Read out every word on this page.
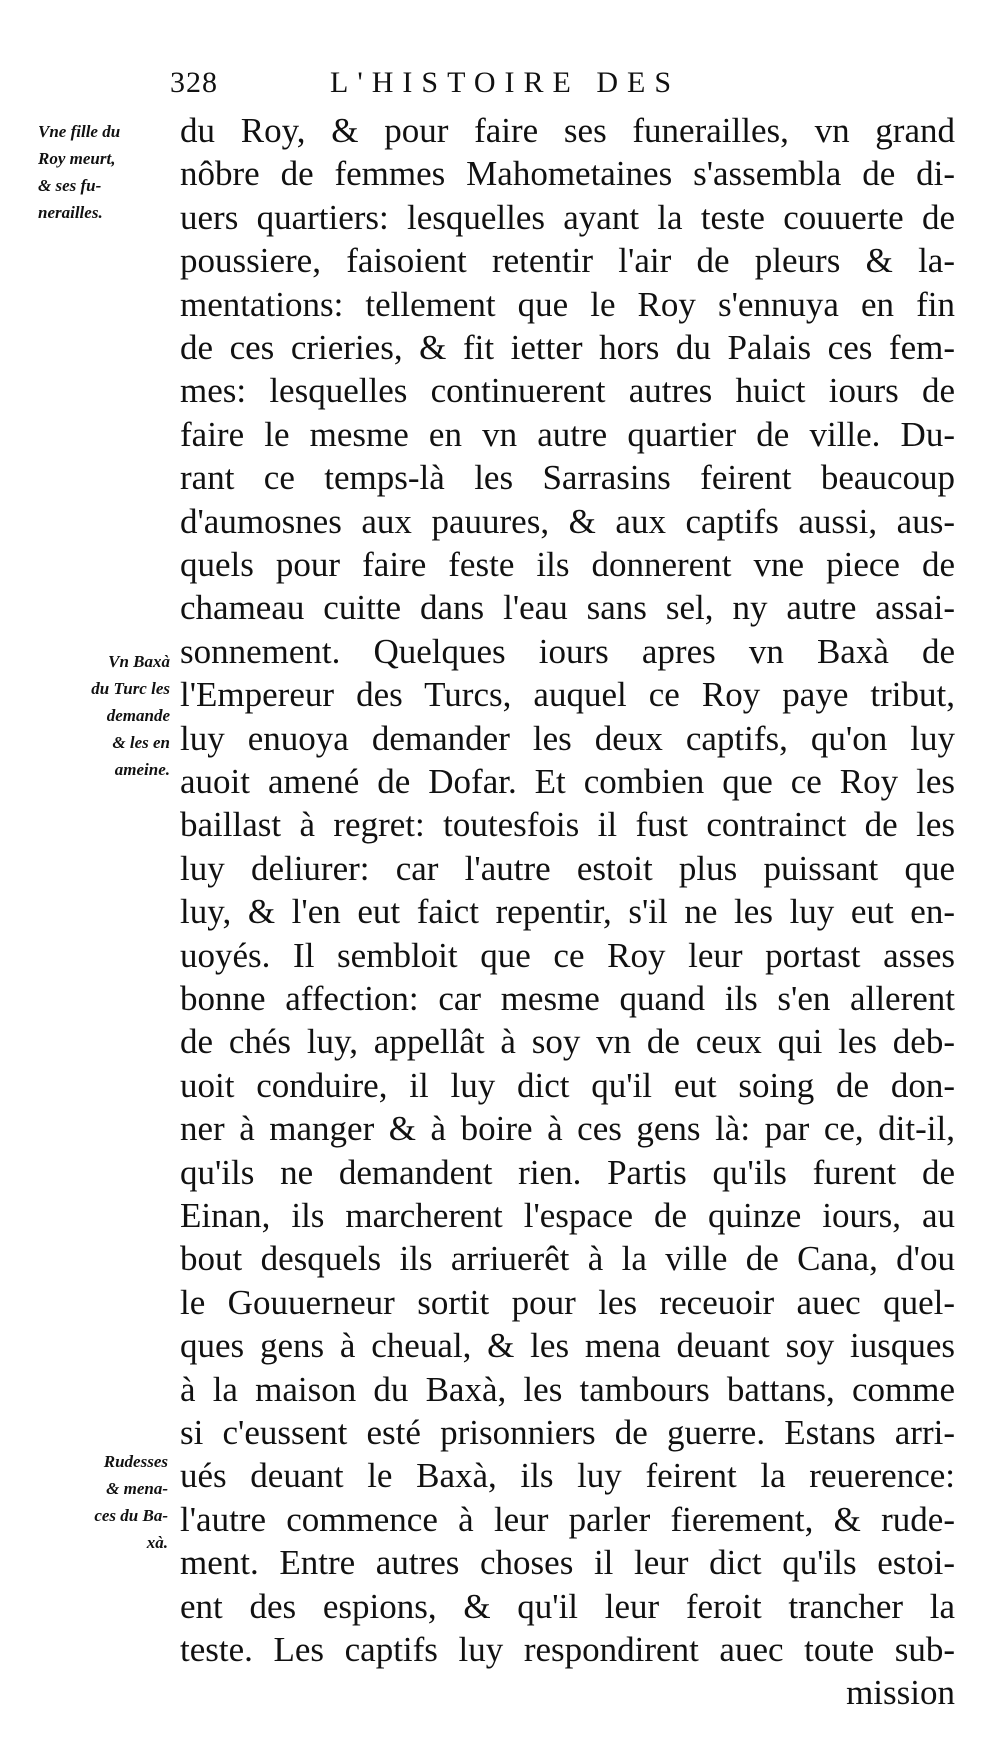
328	L'HISTOIRE DES
Vne fille du
Roy meurt,
& ses fu-
nerailles.
Vn Baxà
du Turc les
demande
& les en
ameine.
Rudesses
& mena-
ces du Ba-
xà.
du Roy, & pour faire ses funerailles, vn grand
nôbre de femmes Mahometaines s'assembla de di-
uers quartiers: lesquelles ayant la teste couuerte de
poussiere, faisoient retentir l'air de pleurs & la-
mentations: tellement que le Roy s'ennuya en fin
de ces crieries, & fit ietter hors du Palais ces fem-
mes: lesquelles continuerent autres huict iours de
faire le mesme en vn autre quartier de ville. Du-
rant ce temps-là les Sarrasins feirent beaucoup
d'aumosnes aux pauures, & aux captifs aussi, aus-
quels pour faire feste ils donnerent vne piece de
chameau cuitte dans l'eau sans sel, ny autre assai-
sonnement. Quelques iours apres vn Baxà de
l'Empereur des Turcs, auquel ce Roy paye tribut,
luy enuoya demander les deux captifs, qu'on luy
auoit amené de Dofar. Et combien que ce Roy les
baillast à regret: toutesfois il fust contrainct de les
luy deliurer: car l'autre estoit plus puissant que
luy, & l'en eut faict repentir, s'il ne les luy eut en-
uoyés. Il sembloit que ce Roy leur portast asses
bonne affection: car mesme quand ils s'en allerent
de chés luy, appellât à soy vn de ceux qui les deb-
uoit conduire, il luy dict qu'il eut soing de don-
ner à manger & à boire à ces gens là: par ce, dit-il,
qu'ils ne demandent rien. Partis qu'ils furent de
Einan, ils marcherent l'espace de quinze iours, au
bout desquels ils arriuerêt à la ville de Cana, d'ou
le Gouuerneur sortit pour les receuoir auec quel-
ques gens à cheual, & les mena deuant soy iusques
à la maison du Baxà, les tambours battans, comme
si c'eussent esté prisonniers de guerre. Estans arri-
ués deuant le Baxà, ils luy feirent la reuerence:
l'autre commence à leur parler fierement, & rude-
ment. Entre autres choses il leur dict qu'ils estoi-
ent des espions, & qu'il leur feroit trancher la
teste. Les captifs luy respondirent auec toute sub-
mission
